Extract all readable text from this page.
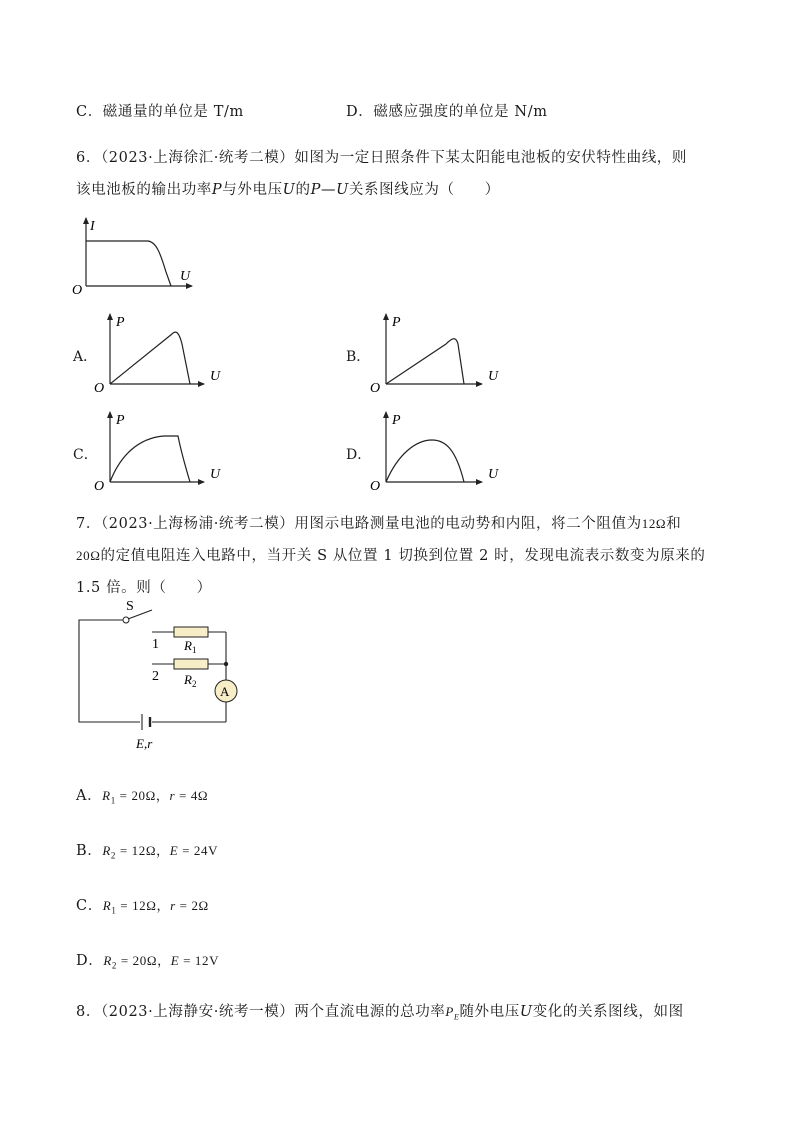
C．磁通量的单位是 T/m	D．磁感应强度的单位是 N/m
6．（2023·上海徐汇·统考二模）如图为一定日照条件下某太阳能电池板的安伏特性曲线，则
该电池板的输出功率P与外电压U的P—U关系图线应为（　　）
I
U
O
A．
P
U
O
B．
P
U
O
C．
P
U
O
D．
P
U
O
7．（2023·上海杨浦·统考二模）用图示电路测量电池的电动势和内阻，将二个阻值为12Ω和
20Ω的定值电阻连入电路中，当开关 S 从位置 1 切换到位置 2 时，发现电流表示数变为原来的
1.5 倍。则（　　）
S
1 $R_1$
2 $R_2$ A
E,r
A．$R_1 = 20\Omega$，r = 4Ω
B．$R_2 = 12\Omega$，E = 24V
C．$R_1 = 12\Omega$，r = 2Ω
D．$R_2 = 20\Omega$，E = 12V
8．（2023·上海静安·统考一模）两个直流电源的总功率$P_E$随外电压U变化的关系图线，如图
